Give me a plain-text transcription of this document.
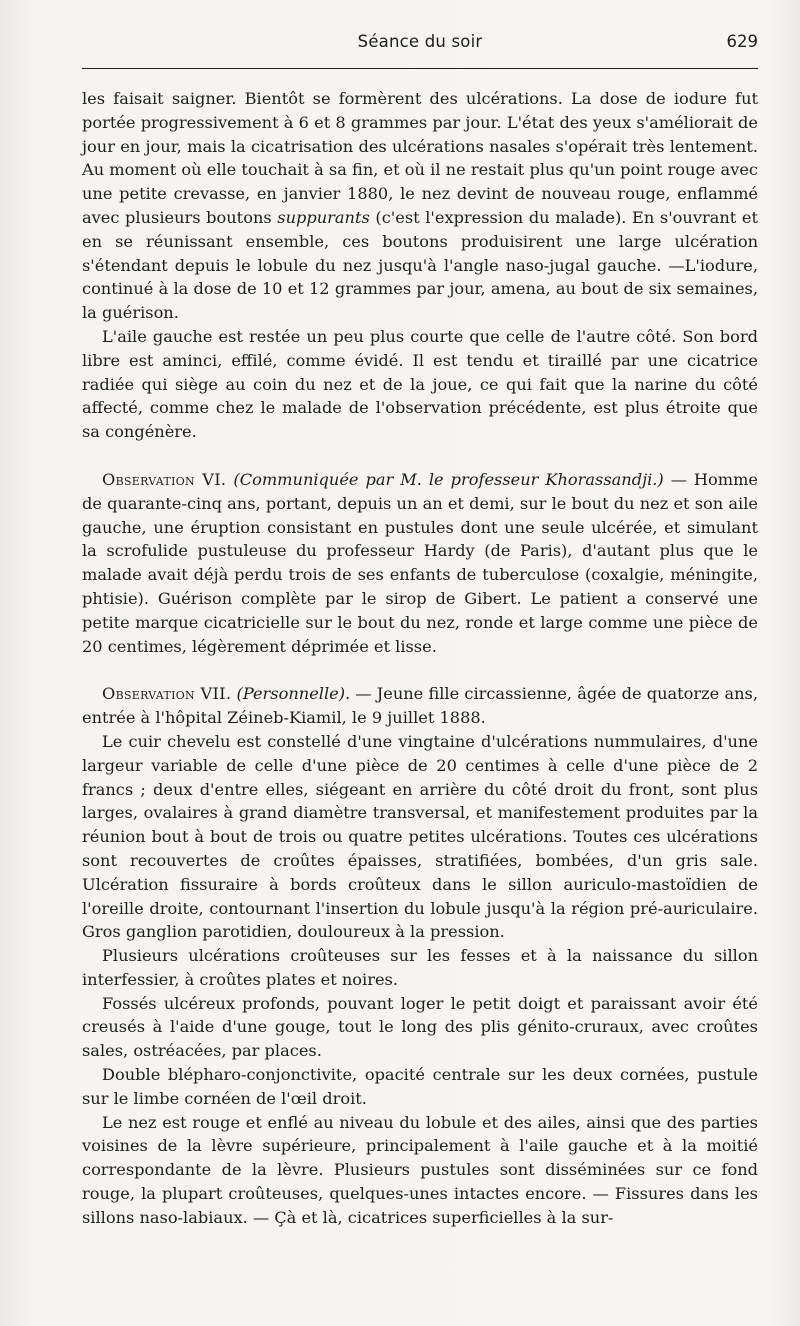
Séance du soir	629

les faisait saigner. Bientôt se formèrent des ulcérations. La dose de iodure fut portée progressivement à 6 et 8 grammes par jour. L'état des yeux s'améliorait de jour en jour, mais la cicatrisation des ulcérations nasales s'opérait très lentement. Au moment où elle touchait à sa fin, et où il ne restait plus qu'un point rouge avec une petite crevasse, en janvier 1880, le nez devint de nouveau rouge, enflammé avec plusieurs boutons suppurants (c'est l'expression du malade). En s'ouvrant et en se réunissant ensemble, ces boutons produisirent une large ulcération s'étendant depuis le lobule du nez jusqu'à l'angle naso-jugal gauche. —L'iodure, continué à la dose de 10 et 12 grammes par jour, amena, au bout de six semaines, la guérison.

L'aile gauche est restée un peu plus courte que celle de l'autre côté. Son bord libre est aminci, effilé, comme évidé. Il est tendu et tiraillé par une cicatrice radiée qui siège au coin du nez et de la joue, ce qui fait que la narine du côté affecté, comme chez le malade de l'observation précédente, est plus étroite que sa congénère.

Observation VI. (Communiquée par M. le professeur Khorassandji.) — Homme de quarante-cinq ans, portant, depuis un an et demi, sur le bout du nez et son aile gauche, une éruption consistant en pustules dont une seule ulcérée, et simulant la scrofulide pustuleuse du professeur Hardy (de Paris), d'autant plus que le malade avait déjà perdu trois de ses enfants de tuberculose (coxalgie, méningite, phtisie). Guérison complète par le sirop de Gibert. Le patient a conservé une petite marque cicatricielle sur le bout du nez, ronde et large comme une pièce de 20 centimes, légèrement déprimée et lisse.

Observation VII. (Personnelle). — Jeune fille circassienne, âgée de quatorze ans, entrée à l'hôpital Zéineb-Kiamil, le 9 juillet 1888.

Le cuir chevelu est constellé d'une vingtaine d'ulcérations nummulaires, d'une largeur variable de celle d'une pièce de 20 centimes à celle d'une pièce de 2 francs ; deux d'entre elles, siégeant en arrière du côté droit du front, sont plus larges, ovalaires à grand diamètre transversal, et manifestement produites par la réunion bout à bout de trois ou quatre petites ulcérations. Toutes ces ulcérations sont recouvertes de croûtes épaisses, stratifiées, bombées, d'un gris sale. Ulcération fissuraire à bords croûteux dans le sillon auriculo-mastoïdien de l'oreille droite, contournant l'insertion du lobule jusqu'à la région pré-auriculaire. Gros ganglion parotidien, douloureux à la pression.

Plusieurs ulcérations croûteuses sur les fesses et à la naissance du sillon interfessier, à croûtes plates et noires.

Fossés ulcéreux profonds, pouvant loger le petit doigt et paraissant avoir été creusés à l'aide d'une gouge, tout le long des plis génito-cruraux, avec croûtes sales, ostréacées, par places.

Double blépharo-conjonctivite, opacité centrale sur les deux cornées, pustule sur le limbe cornéen de l'œil droit.

Le nez est rouge et enflé au niveau du lobule et des ailes, ainsi que des parties voisines de la lèvre supérieure, principalement à l'aile gauche et à la moitié correspondante de la lèvre. Plusieurs pustules sont disséminées sur ce fond rouge, la plupart croûteuses, quelques-unes intactes encore. — Fissures dans les sillons naso-labiaux. — Çà et là, cicatrices superficielles à la sur-
